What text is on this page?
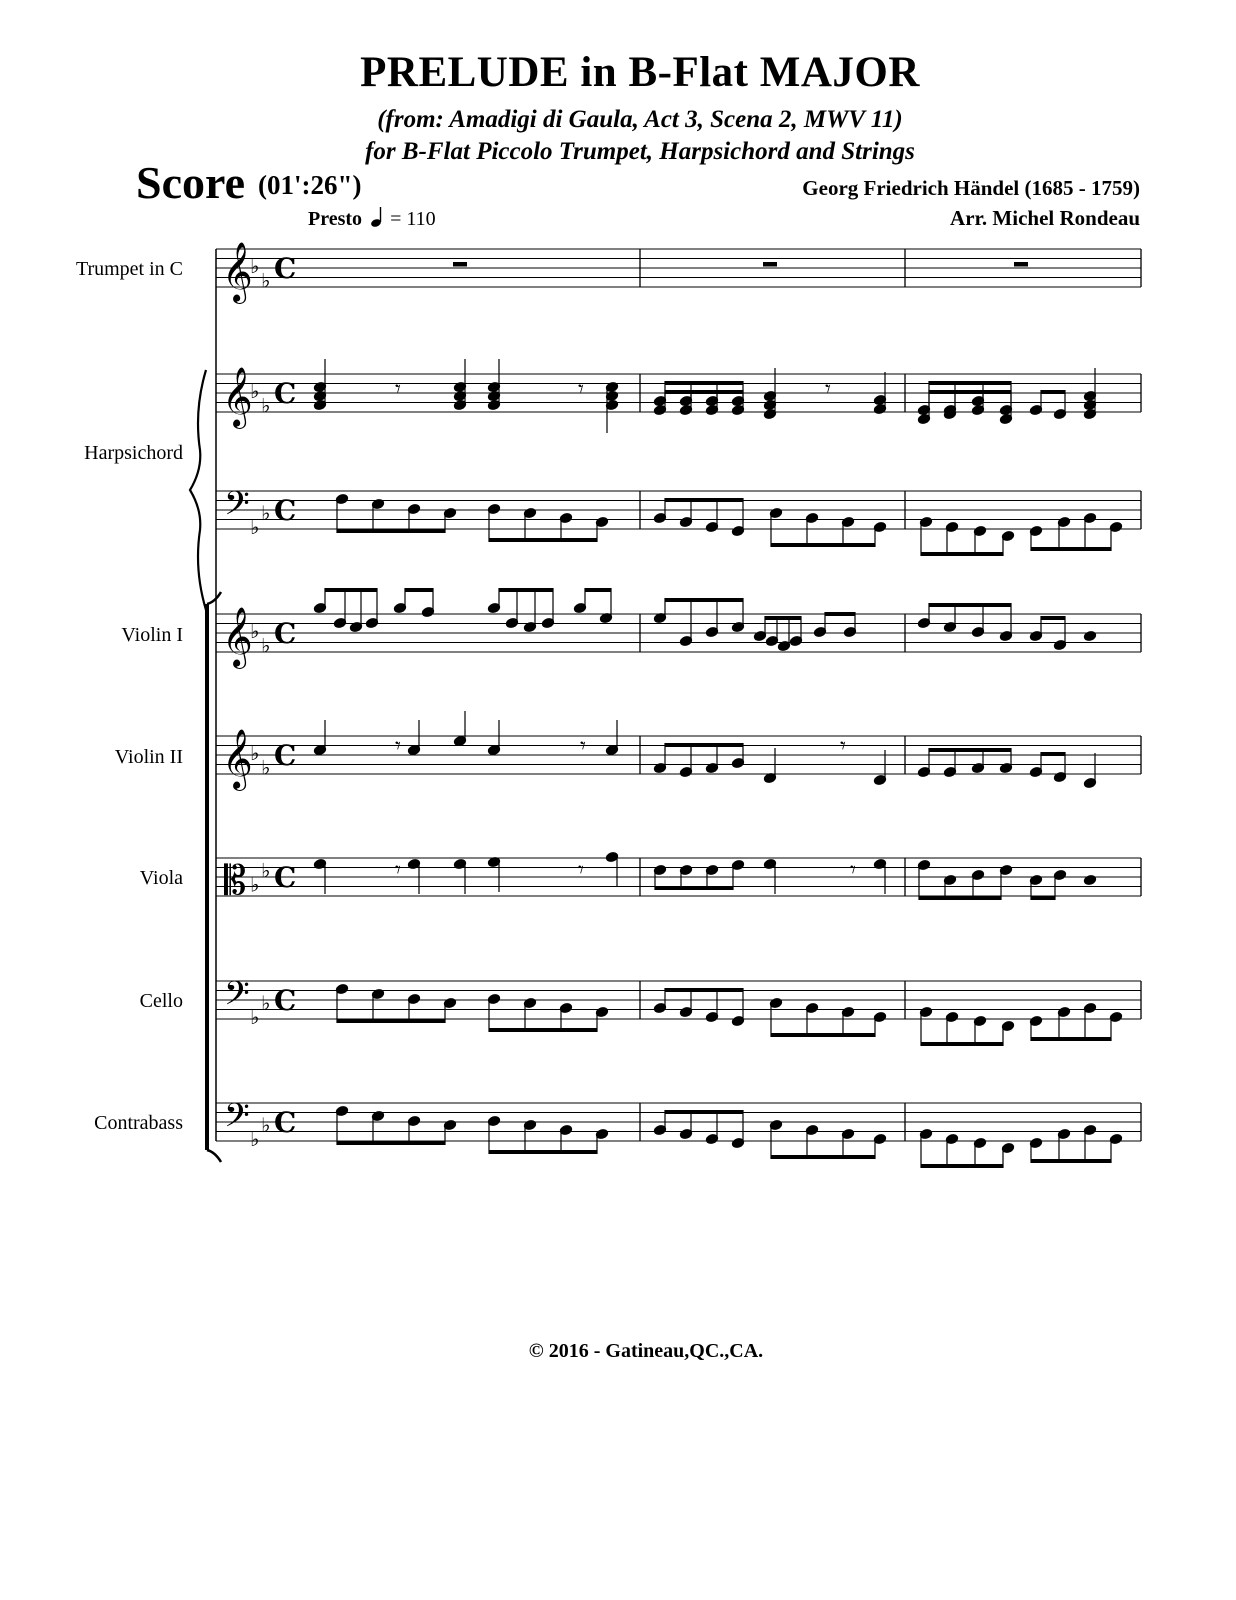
PRELUDE in B-Flat MAJOR
(from: Amadigi di Gaula, Act 3, Scena 2, MWV 11)
for B-Flat Piccolo Trumpet, Harpsichord and Strings
Score (01':26")	Georg Friedrich Händel (1685 - 1759)
Arr. Michel Rondeau
Presto = 110
Trumpet in C
Harpsichord
Violin I
Violin II
Viola
Cello
Contrabass
𝄞
♭
♭ C
𝄞
♭
♭ C
𝄢 ♭
♭ C
𝄞
♭
♭ C
𝄞
♭
♭ C
𝄡 ♭
♭ C
𝄢 ♭
♭ C
𝄢 ♭
♭ C
𝄾	𝄾	𝄾
𝄾	𝄾	𝄾
𝄾	𝄾	𝄾
© 2016 - Gatineau,QC.,CA.
